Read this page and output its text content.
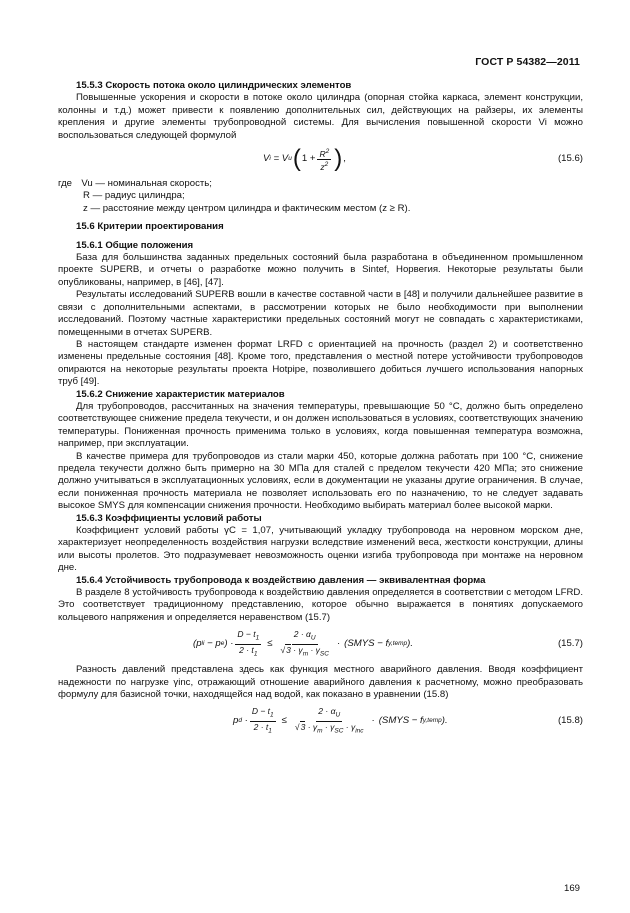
ГОСТ Р 54382—2011

15.5.3 Скорость потока около цилиндрических элементов

Повышенные ускорения и скорости в потоке около цилиндра (опорная стойка каркаса, элемент конструкции, колонны и т.д.) может привести к появлению дополнительных сил, действующих на райзеры, их элементы крепления и другие элементы трубопроводной системы. Для вычисления повышенной скорости Vi можно воспользоваться следующей формулой

V i = V u ( $1 + \frac{R^2}{z^2}$ ) ,	(15.6)
где
Vu — номинальная скорость;
R — радиус цилиндра;
z — расстояние между центром цилиндра и фактическим местом (z ≥ R).

15.6 Критерии проектирования

15.6.1 Общие положения

База для большинства заданных предельных состояний была разработана в объединенном промышленном проекте SUPERB, и отчеты о разработке можно получить в Sintef, Норвегия. Некоторые результаты были опубликованы, например, в [46], [47].

Результаты исследований SUPERB вошли в качестве составной части в [48] и получили дальнейшее развитие в связи с дополнительными аспектами, в рассмотрении которых не было необходимости при выполнении исследований. Поэтому частные характеристики предельных состояний могут не совпадать с характеристиками, помещенными в отчетах SUPERB.

В настоящем стандарте изменен формат LRFD с ориентацией на прочность (раздел 2) и соответственно изменены предельные состояния [48]. Кроме того, представления о местной потере устойчивости трубопроводов опираются на некоторые результаты проекта Hotpipe, позволившего добиться лучшего использования напорных труб [49].

15.6.2 Снижение характеристик материалов

Для трубопроводов, рассчитанных на значения температуры, превышающие 50 °С, должно быть определено соответствующее снижение предела текучести, и он должен использоваться в условиях, соответствующих значению температуры. Пониженная прочность применима только в условиях, когда повышенная температура возможна, например, при эксплуатации.

В качестве примера для трубопроводов из стали марки 450, которые должна работать при 100 °С, снижение предела текучести должно быть примерно на 30 МПа для сталей с пределом текучести 420 МПа; это снижение должно учитываться в эксплуатационных условиях, если в документации не указаны другие ограничения. В случае, если пониженная прочность материала не позволяет использовать его по назначению, то не следует задавать высокое SMYS для компенсации снижения прочности. Необходимо выбирать материал более высокой марки.

15.6.3 Коэффициенты условий работы

Коэффициент условий работы γC = 1,07, учитывающий укладку трубопровода на неровном морском дне, характеризует неопределенность воздействия нагрузки вследствие изменений веса, жесткости конструкции, длины или высоты пролетов. Это подразумевает невозможность оценки изгиба трубопровода при монтаже на неровном дне.

15.6.4 Устойчивость трубопровода к воздействию давления — эквивалентная форма

В разделе 8 устойчивость трубопровода к воздействию давления определяется в соответствии с методом LFRD. Это соответствует традиционному представлению, которое обычно выражается в понятиях допускаемого кольцевого напряжения и определяется неравенством (15.7)

(p li − p e ) · $\frac{D - t_1}{2 \cdot t_1} \le \frac{2 \cdot \alpha_U}{√3 \cdot \gamma_m \cdot \gamma_{SC}}$ · (SMYS − f y,temp ).	(15.7)

Разность давлений представлена здесь как функция местного аварийного давления. Вводя коэффициент надежности по нагрузке γinc, отражающий отношение аварийного давления к расчетному, можно преобразовать формулу для базисной точки, находящейся над водой, как показано в уравнении (15.8)

p $d \cdot \frac{D - t_1}{2 \cdot t_1} \le \frac{2 \cdot \alpha_U}{√3 \cdot \gamma_m \cdot \gamma_{SC} \cdot \gamma_{inc}}$ · (SMYS − f y,temp ).	(15.8)
169
